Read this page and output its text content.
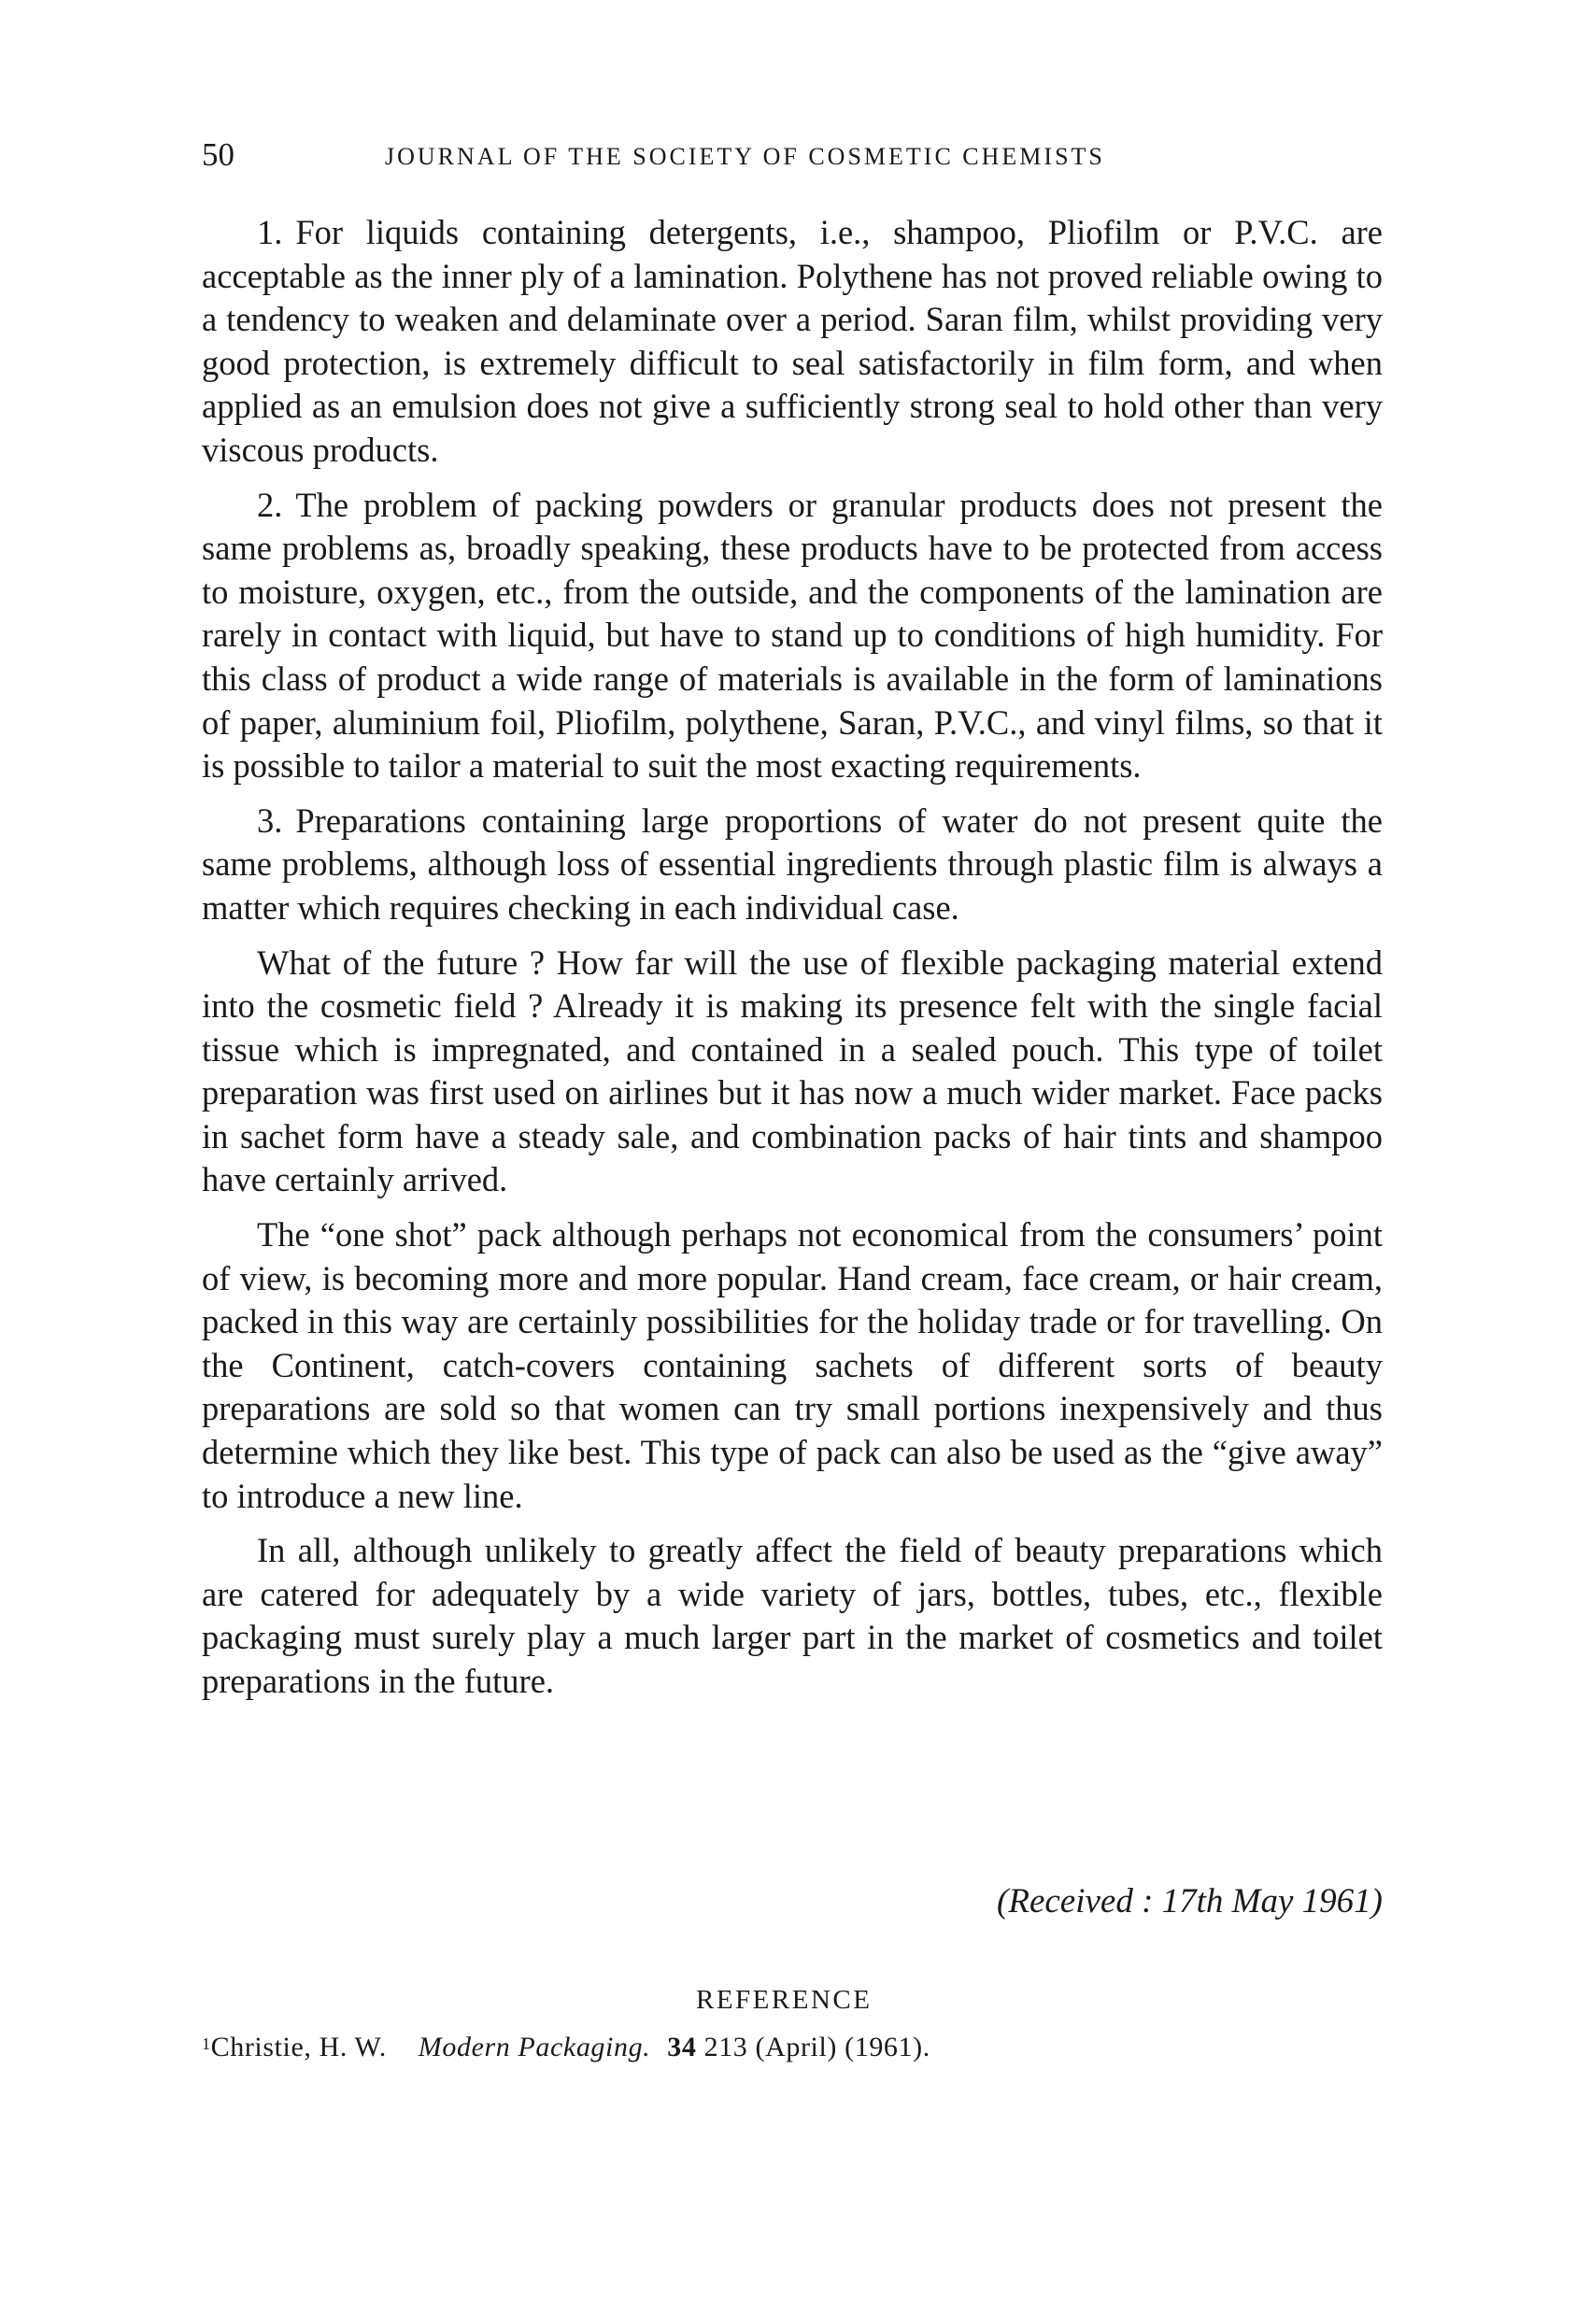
50	JOURNAL OF THE SOCIETY OF COSMETIC CHEMISTS

1. For liquids containing detergents, i.e., shampoo, Pliofilm or P.V.C. are acceptable as the inner ply of a lamination. Polythene has not proved reliable owing to a tendency to weaken and delaminate over a period. Saran film, whilst providing very good protection, is extremely difficult to seal satisfactorily in film form, and when applied as an emulsion does not give a sufficiently strong seal to hold other than very viscous products.

2. The problem of packing powders or granular products does not present the same problems as, broadly speaking, these products have to be protected from access to moisture, oxygen, etc., from the outside, and the components of the lamination are rarely in contact with liquid, but have to stand up to conditions of high humidity. For this class of product a wide range of materials is available in the form of laminations of paper, aluminium foil, Pliofilm, polythene, Saran, P.V.C., and vinyl films, so that it is possible to tailor a material to suit the most exacting requirements.

3. Preparations containing large proportions of water do not present quite the same problems, although loss of essential ingredients through plastic film is always a matter which requires checking in each individual case.

What of the future ? How far will the use of flexible packaging material extend into the cosmetic field ? Already it is making its presence felt with the single facial tissue which is impregnated, and contained in a sealed pouch. This type of toilet preparation was first used on airlines but it has now a much wider market. Face packs in sachet form have a steady sale, and combination packs of hair tints and shampoo have certainly arrived.

The “one shot” pack although perhaps not economical from the consumers’ point of view, is becoming more and more popular. Hand cream, face cream, or hair cream, packed in this way are certainly possibilities for the holiday trade or for travelling. On the Continent, catch-covers containing sachets of different sorts of beauty preparations are sold so that women can try small portions inexpensively and thus determine which they like best. This type of pack can also be used as the “give away” to introduce a new line.

In all, although unlikely to greatly affect the field of beauty preparations which are catered for adequately by a wide variety of jars, bottles, tubes, etc., flexible packaging must surely play a much larger part in the market of cosmetics and toilet preparations in the future.

(Received : 17th May 1961)
REFERENCE
$^1$Christie, H. W. Modern Packaging. 34 213 (April) (1961).
